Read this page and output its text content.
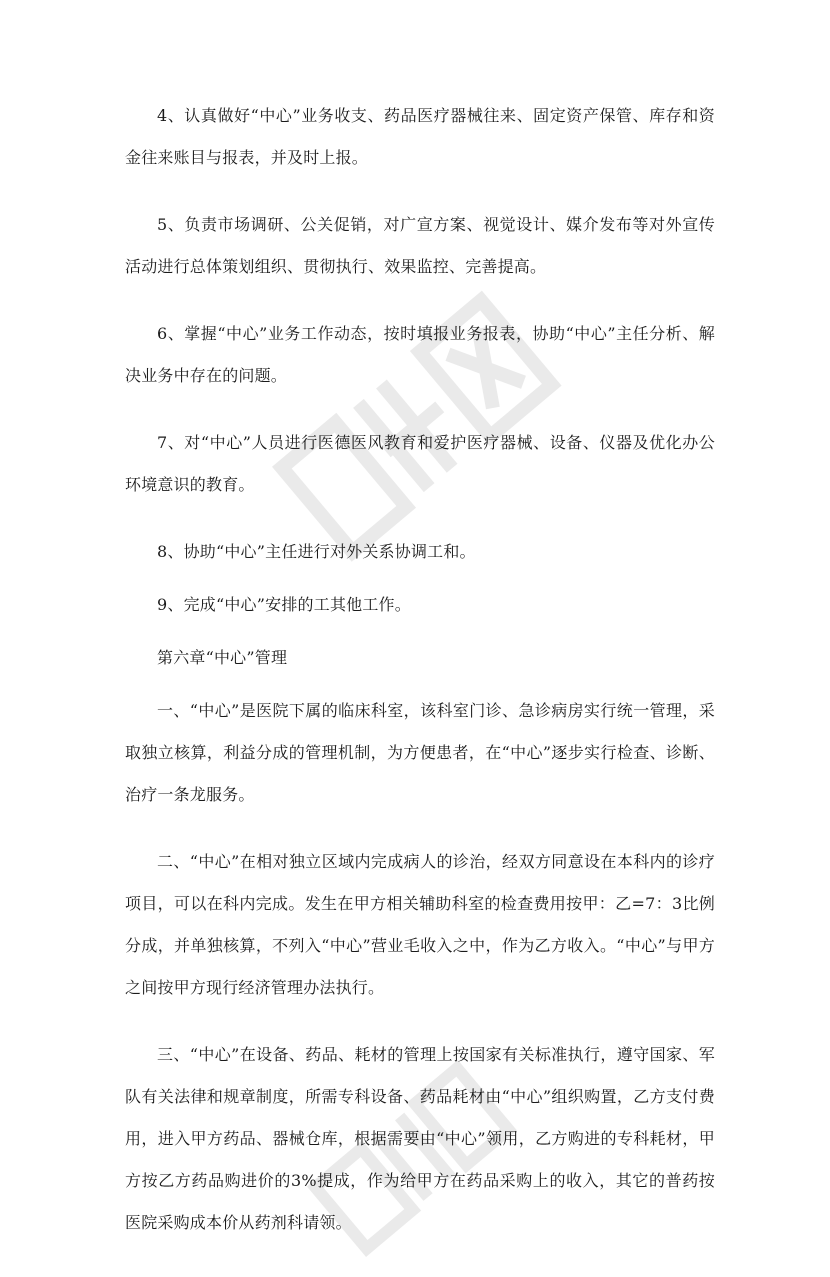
4、认真做好“中心”业务收支、药品医疗器械往来、固定资产保管、库存和资金往来账目与报表，并及时上报。

5、负责市场调研、公关促销，对广宣方案、视觉设计、媒介发布等对外宣传活动进行总体策划组织、贯彻执行、效果监控、完善提高。

6、掌握“中心”业务工作动态，按时填报业务报表，协助“中心”主任分析、解决业务中存在的问题。

7、对“中心”人员进行医德医风教育和爱护医疗器械、设备、仪器及优化办公环境意识的教育。

8、协助“中心”主任进行对外关系协调工和。

9、完成“中心”安排的工其他工作。

第六章“中心”管理

一、“中心”是医院下属的临床科室，该科室门诊、急诊病房实行统一管理，采取独立核算，利益分成的管理机制，为方便患者，在“中心”逐步实行检查、诊断、治疗一条龙服务。

二、“中心”在相对独立区域内完成病人的诊治，经双方同意设在本科内的诊疗项目，可以在科内完成。发生在甲方相关辅助科室的检查费用按甲：乙=7：3比例分成，并单独核算，不列入“中心”营业毛收入之中，作为乙方收入。“中心”与甲方之间按甲方现行经济管理办法执行。

三、“中心”在设备、药品、耗材的管理上按国家有关标准执行，遵守国家、军队有关法律和规章制度，所需专科设备、药品耗材由“中心”组织购置，乙方支付费用，进入甲方药品、器械仓库，根据需要由“中心”领用，乙方购进的专科耗材，甲方按乙方药品购进价的3%提成，作为给甲方在药品采购上的收入，其它的普药按医院采购成本价从药剂科请领。
